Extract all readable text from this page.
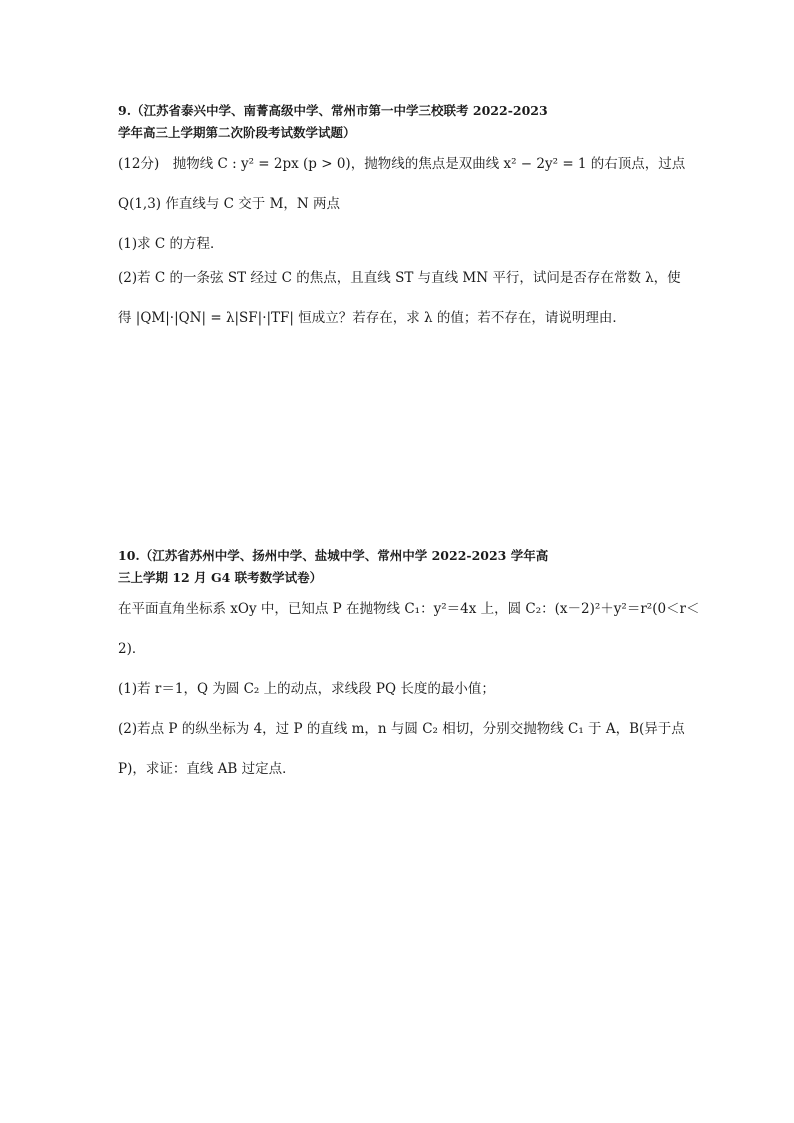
9.（江苏省泰兴中学、南菁高级中学、常州市第一中学三校联考 2022-2023
学年高三上学期第二次阶段考试数学试题）

(12分)　抛物线 C : y² = 2px (p > 0)，抛物线的焦点是双曲线 x² − 2y² = 1 的右顶点，过点

Q(1,3) 作直线与 C 交于 M，N 两点

(1)求 C 的方程．

(2)若 C 的一条弦 ST 经过 C 的焦点，且直线 ST 与直线 MN 平行，试问是否存在常数 λ，使

得 |QM|·|QN| = λ|SF|·|TF| 恒成立？若存在，求 λ 的值；若不存在，请说明理由．

10.（江苏省苏州中学、扬州中学、盐城中学、常州中学 2022-2023 学年高
三上学期 12 月 G4 联考数学试卷）

在平面直角坐标系 xOy 中，已知点 P 在抛物线 C₁：y²＝4x 上，圆 C₂：(x－2)²＋y²＝r²(0＜r＜

2)．

(1)若 r＝1，Q 为圆 C₂ 上的动点，求线段 PQ 长度的最小值；

(2)若点 P 的纵坐标为 4，过 P 的直线 m，n 与圆 C₂ 相切，分别交抛物线 C₁ 于 A，B(异于点

P)，求证：直线 AB 过定点．
